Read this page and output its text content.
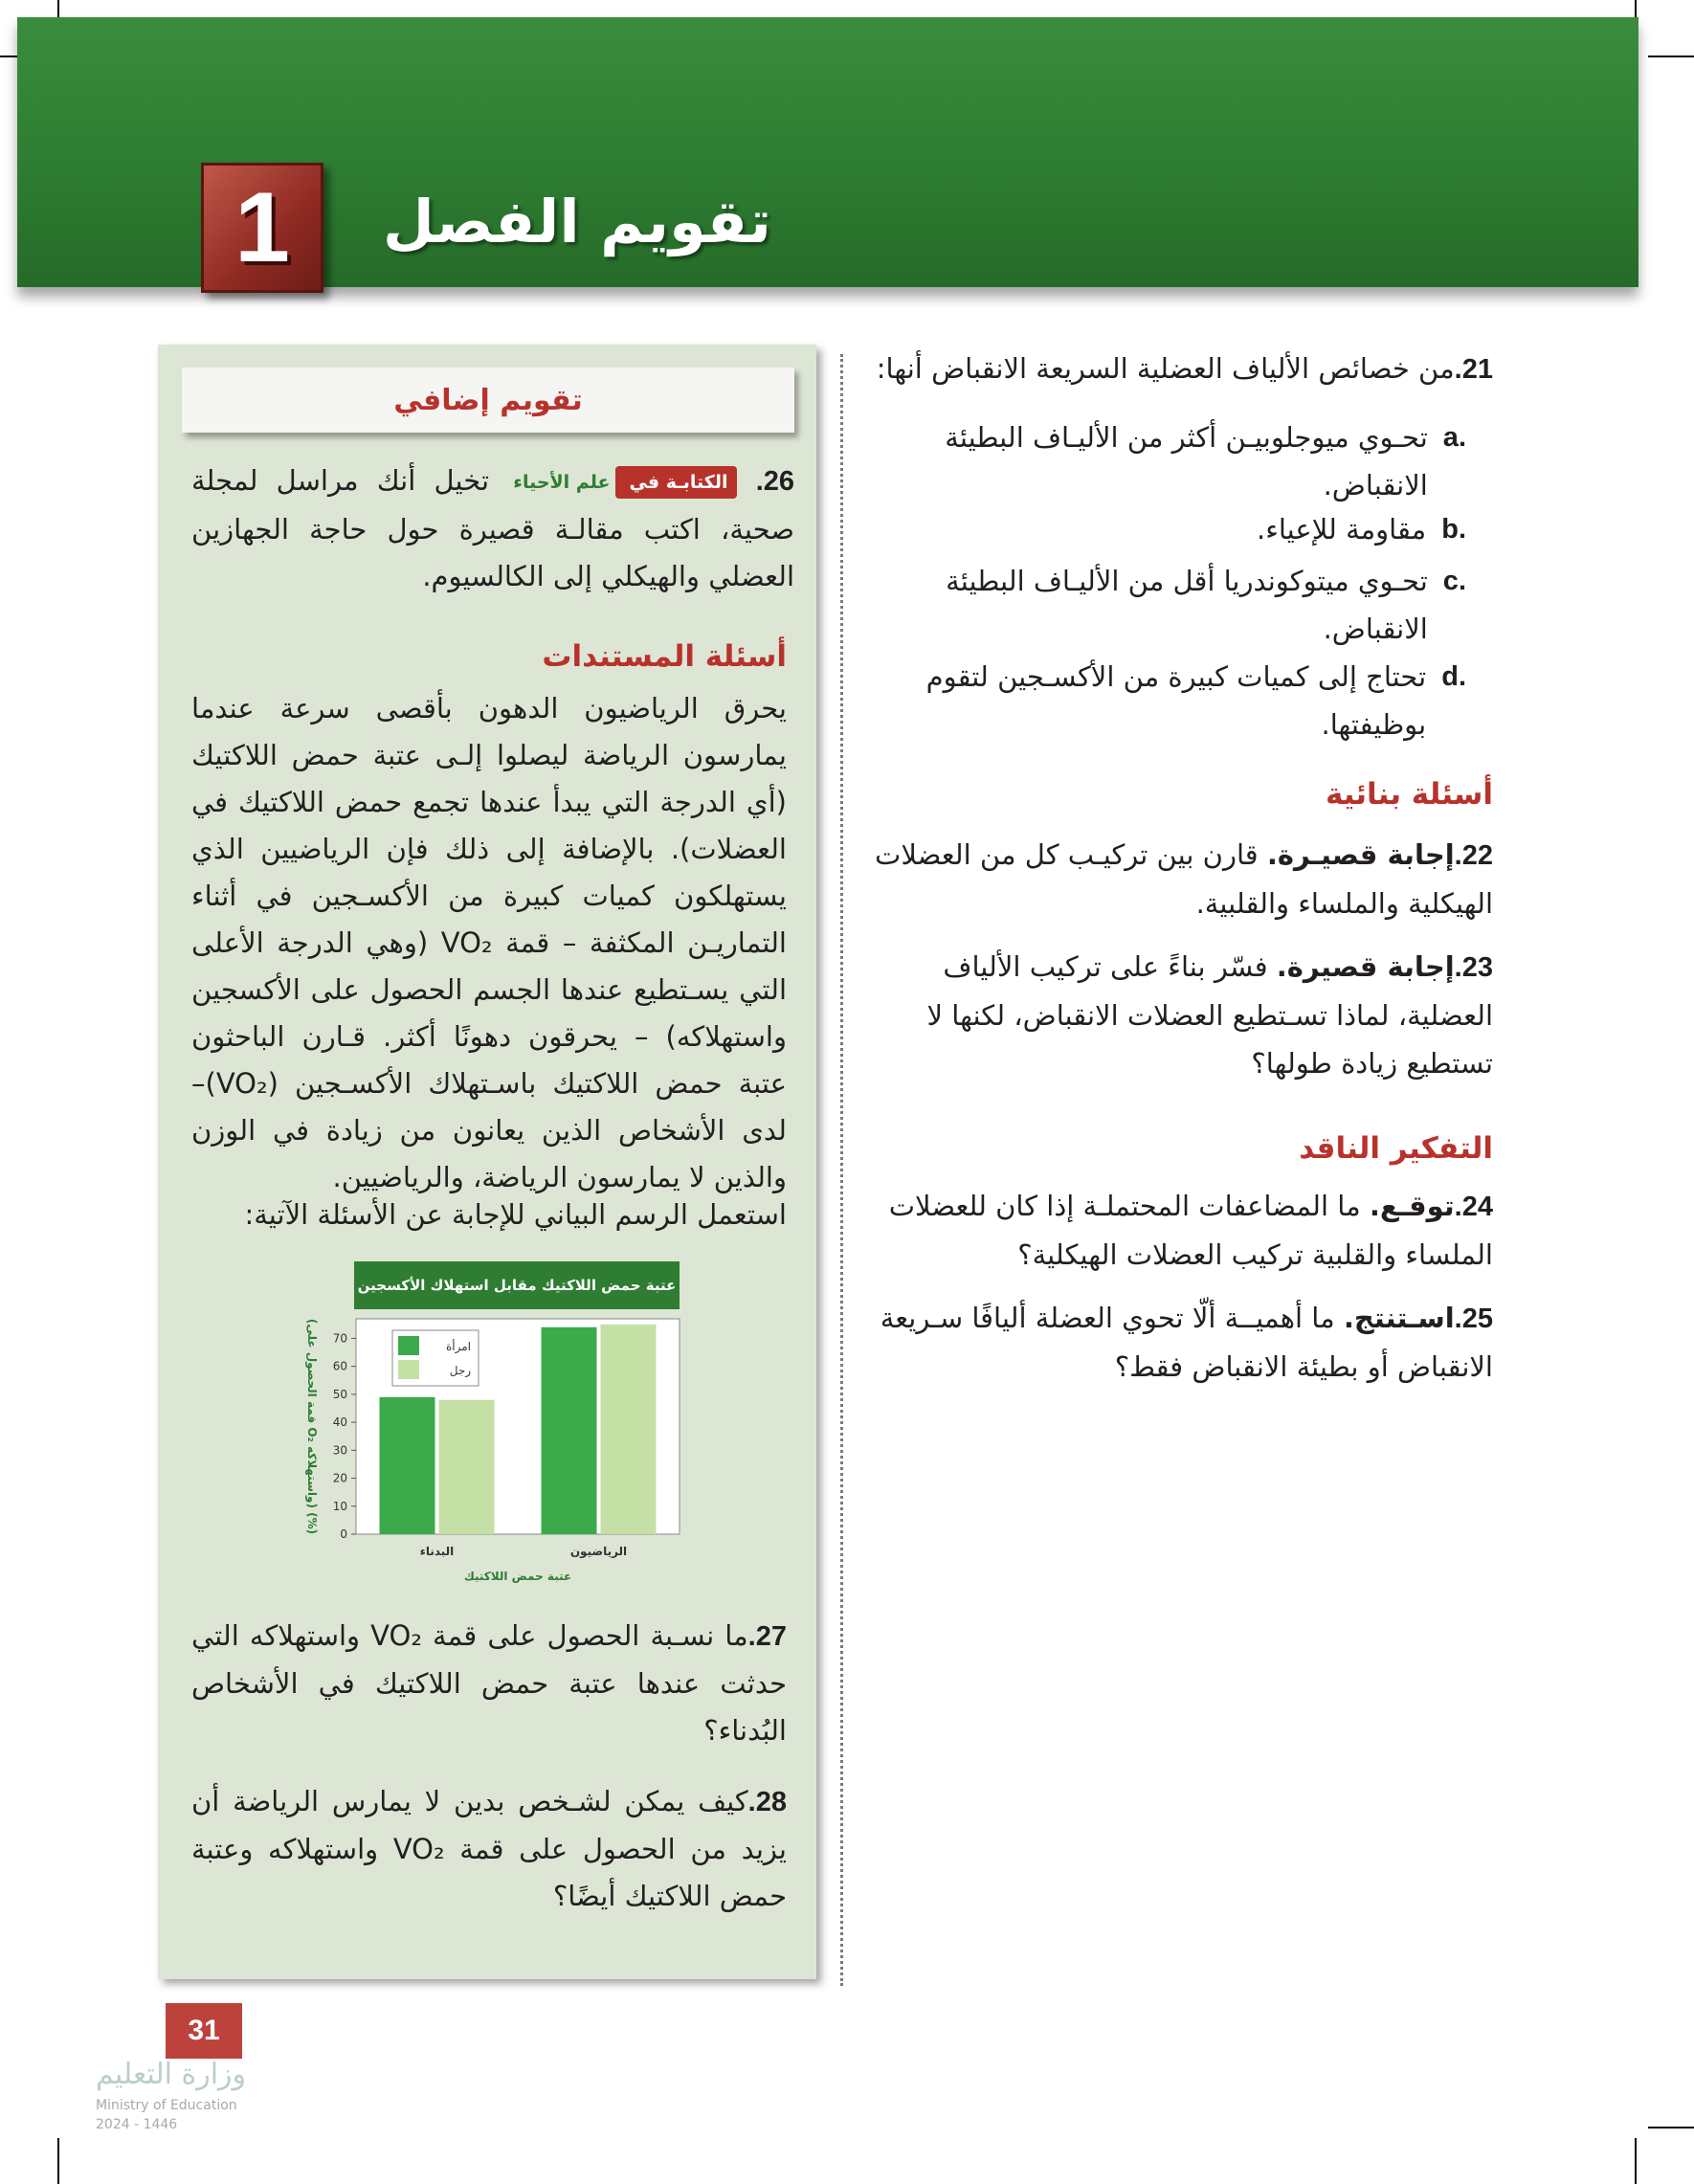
1 تقويم الفصل
21.من خصائص الألياف العضلية السريعة الانقباض أنها:
.a
تحـوي ميوجلوبيـن أكثر من الأليـاف البطيئة الانقباض.
.b
مقاومة للإعياء.
.c
تحـوي ميتوكوندريا أقل من الأليـاف البطيئة الانقباض.
.d
تحتاج إلى كميات كبيرة من الأكسـجين لتقوم بوظيفتها.
أسئلة بنائية
22.إجابة قصيـرة. قارن بين تركيـب كل من العضلات الهيكلية والملساء والقلبية.
23.إجابة قصيرة. فسّر بناءً على تركيب الألياف العضلية، لماذا تسـتطيع العضلات الانقباض، لكنها لا تستطيع زيادة طولها؟
التفكير الناقد
24.توقـع. ما المضاعفات المحتملـة إذا كان للعضلات الملساء والقلبية تركيب العضلات الهيكلية؟
25.اسـتنتج. ما أهميــة ألّا تحوي العضلة أليافًا سـريعة الانقباض أو بطيئة الانقباض فقط؟
تقويم إضافي
26. الكتابـة فيعلم الأحياء تخيل أنك مراسل لمجلة صحية، اكتب مقالـة قصيرة حول حاجة الجهازين العضلي والهيكلي إلى الكالسيوم.
أسئلة المستندات
يحرق الرياضيون الدهون بأقصى سرعة عندما يمارسون الرياضة ليصلوا إلـى عتبة حمض اللاكتيك (أي الدرجة التي يبدأ عندها تجمع حمض اللاكتيك في العضلات). بالإضافة إلى ذلك فإن الرياضيين الذي يستهلكون كميات كبيرة من الأكسـجين في أثناء التماريـن المكثفة – قمة VO₂ (وهي الدرجة الأعلى التي يسـتطيع عندها الجسم الحصول على الأكسجين واستهلاكه) – يحرقون دهونًا أكثر. قـارن الباحثون عتبة حمض اللاكتيك باسـتهلاك الأكسـجين (VO₂)– لدى الأشخاص الذين يعانون من زيادة في الوزن والذين لا يمارسون الرياضة، والرياضيين.
استعمل الرسم البياني للإجابة عن الأسئلة الآتية:
عتبة حمض اللاكتيك مقابل استهلاك الأكسجين
0
10
20
30
40
50
60
70
البدناء	الرياضيون
امرأة
رجل
عتبة حمض اللاكتيك
(قمة الحصول على O₂ واستهلاكه) (%)
27.ما نسـبة الحصول على قمة VO₂ واستهلاكه التي حدثت عندها عتبة حمض اللاكتيك في الأشخاص البُدناء؟
28.كيف يمكن لشـخص بدين لا يمارس الرياضة أن يزيد من الحصول على قمة VO₂ واستهلاكه وعتبة حمض اللاكتيك أيضًا؟
31
وزارة التعليم
Ministry of Education
2024 - 1446
